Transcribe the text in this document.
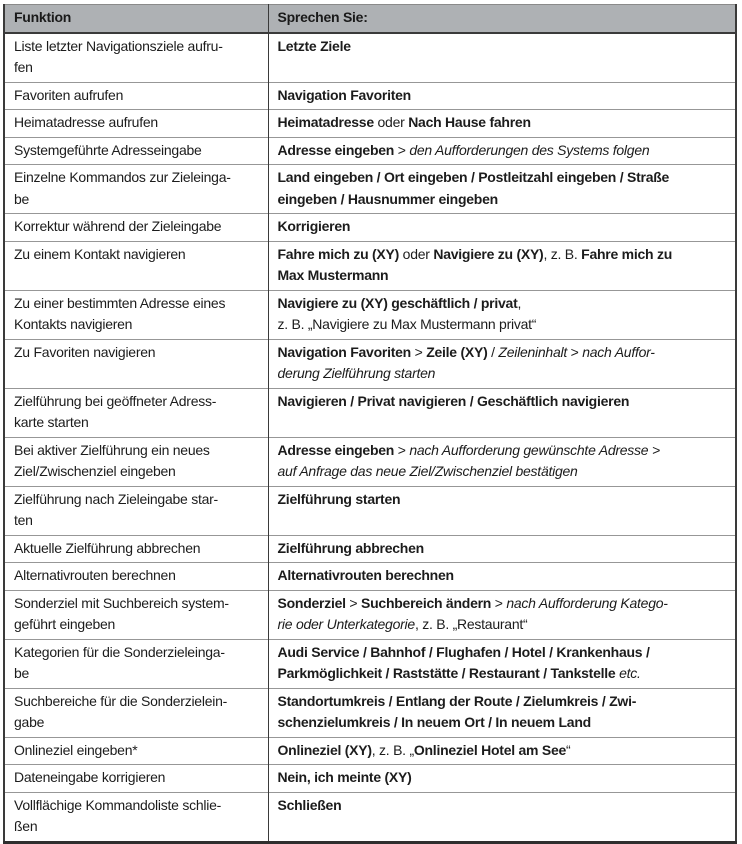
Funktion	Sprechen Sie:
Liste letzter Navigationsziele aufru-
fen	Letzte Ziele
Favoriten aufrufen	Navigation Favoriten
Heimatadresse aufrufen	Heimatadresse oder Nach Hause fahren
Systemgeführte Adresseingabe	Adresse eingeben > den Aufforderungen des Systems folgen
Einzelne Kommandos zur Zieleinga-
be	Land eingeben / Ort eingeben / Postleitzahl eingeben / Straße
eingeben / Hausnummer eingeben
Korrektur während der Zieleingabe	Korrigieren
Zu einem Kontakt navigieren	Fahre mich zu (XY) oder Navigiere zu (XY), z. B. Fahre mich zu
Max Mustermann
Zu einer bestimmten Adresse eines
Kontakts navigieren	Navigiere zu (XY) geschäftlich / privat,
z. B. „Navigiere zu Max Mustermann privat“
Zu Favoriten navigieren	Navigation Favoriten > Zeile (XY) / Zeileninhalt > nach Auffor-
derung Zielführung starten
Zielführung bei geöffneter Adress-
karte starten	Navigieren / Privat navigieren / Geschäftlich navigieren
Bei aktiver Zielführung ein neues
Ziel/Zwischenziel eingeben	Adresse eingeben > nach Aufforderung gewünschte Adresse >
auf Anfrage das neue Ziel/Zwischenziel bestätigen
Zielführung nach Zieleingabe star-
ten	Zielführung starten
Aktuelle Zielführung abbrechen	Zielführung abbrechen
Alternativrouten berechnen	Alternativrouten berechnen
Sonderziel mit Suchbereich system-
geführt eingeben	Sonderziel > Suchbereich ändern > nach Aufforderung Katego-
rie oder Unterkategorie, z. B. „Restaurant“
Kategorien für die Sonderzieleinga-
be	Audi Service / Bahnhof / Flughafen / Hotel / Krankenhaus /
Parkmöglichkeit / Raststätte / Restaurant / Tankstelle etc.
Suchbereiche für die Sonderzielein-
gabe	Standortumkreis / Entlang der Route / Zielumkreis / Zwi-
schenzielumkreis / In neuem Ort / In neuem Land
Onlineziel eingeben*	Onlineziel (XY), z. B. „Onlineziel Hotel am See“
Dateneingabe korrigieren	Nein, ich meinte (XY)
Vollflächige Kommandoliste schlie-
ßen	Schließen
